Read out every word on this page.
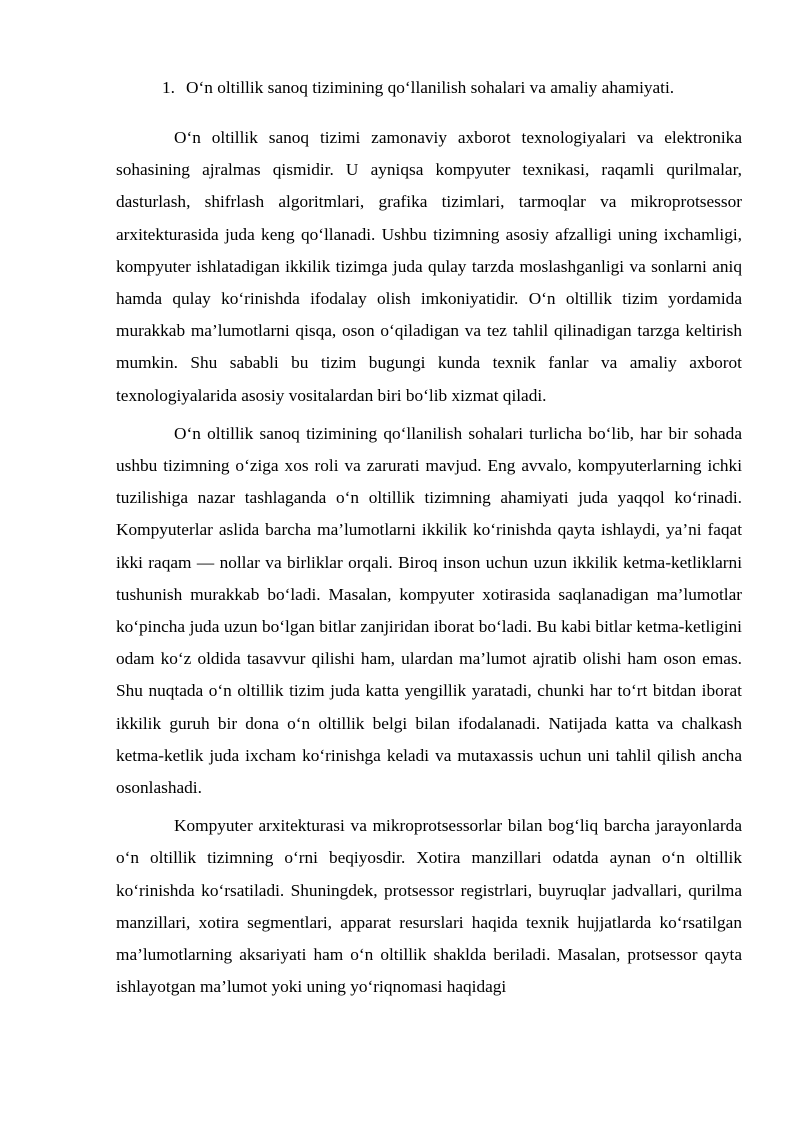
1. O‘n oltillik sanoq tizimining qo‘llanilish sohalari va amaliy ahamiyati.

O‘n oltillik sanoq tizimi zamonaviy axborot texnologiyalari va elektronika sohasining ajralmas qismidir. U ayniqsa kompyuter texnikasi, raqamli qurilmalar, dasturlash, shifrlash algoritmlari, grafika tizimlari, tarmoqlar va mikroprotsessor arxitekturasida juda keng qo‘llanadi. Ushbu tizimning asosiy afzalligi uning ixchamligi, kompyuter ishlatadigan ikkilik tizimga juda qulay tarzda moslashganligi va sonlarni aniq hamda qulay ko‘rinishda ifodalay olish imkoniyatidir. O‘n oltillik tizim yordamida murakkab ma’lumotlarni qisqa, oson o‘qiladigan va tez tahlil qilinadigan tarzga keltirish mumkin. Shu sababli bu tizim bugungi kunda texnik fanlar va amaliy axborot texnologiyalarida asosiy vositalardan biri bo‘lib xizmat qiladi.

O‘n oltillik sanoq tizimining qo‘llanilish sohalari turlicha bo‘lib, har bir sohada ushbu tizimning o‘ziga xos roli va zarurati mavjud. Eng avvalo, kompyuterlarning ichki tuzilishiga nazar tashlaganda o‘n oltillik tizimning ahamiyati juda yaqqol ko‘rinadi. Kompyuterlar aslida barcha ma’lumotlarni ikkilik ko‘rinishda qayta ishlaydi, ya’ni faqat ikki raqam — nollar va birliklar orqali. Biroq inson uchun uzun ikkilik ketma-ketliklarni tushunish murakkab bo‘ladi. Masalan, kompyuter xotirasida saqlanadigan ma’lumotlar ko‘pincha juda uzun bo‘lgan bitlar zanjiridan iborat bo‘ladi. Bu kabi bitlar ketma-ketligini odam ko‘z oldida tasavvur qilishi ham, ulardan ma’lumot ajratib olishi ham oson emas. Shu nuqtada o‘n oltillik tizim juda katta yengillik yaratadi, chunki har to‘rt bitdan iborat ikkilik guruh bir dona o‘n oltillik belgi bilan ifodalanadi. Natijada katta va chalkash ketma-ketlik juda ixcham ko‘rinishga keladi va mutaxassis uchun uni tahlil qilish ancha osonlashadi.

Kompyuter arxitekturasi va mikroprotsessorlar bilan bog‘liq barcha jarayonlarda o‘n oltillik tizimning o‘rni beqiyosdir. Xotira manzillari odatda aynan o‘n oltillik ko‘rinishda ko‘rsatiladi. Shuningdek, protsessor registrlari, buyruqlar jadvallari, qurilma manzillari, xotira segmentlari, apparat resurslari haqida texnik hujjatlarda ko‘rsatilgan ma’lumotlarning aksariyati ham o‘n oltillik shaklda beriladi. Masalan, protsessor qayta ishlayotgan ma’lumot yoki uning yo‘riqnomasi haqidagi
